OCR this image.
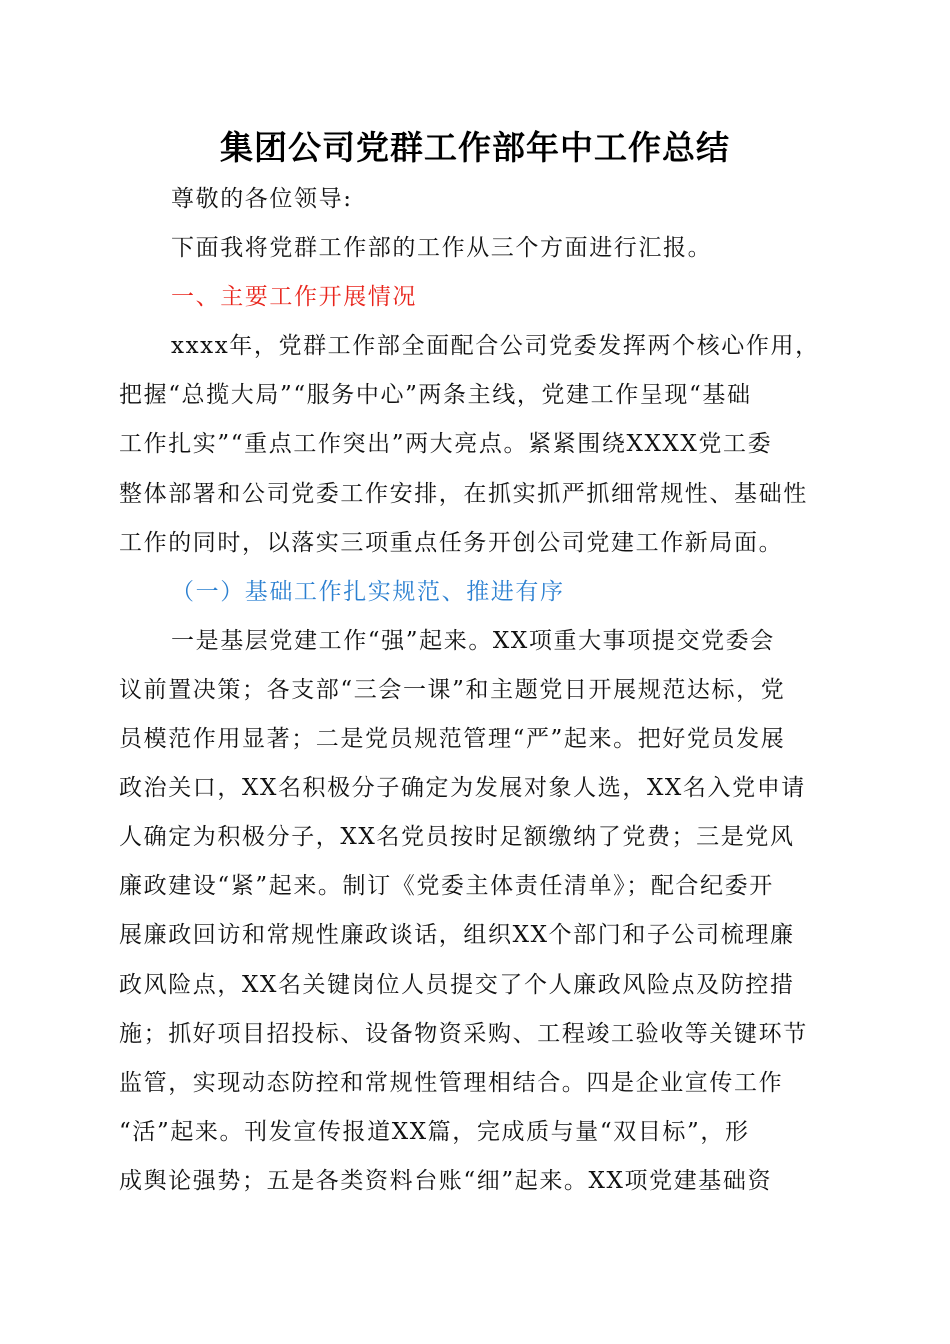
集团公司党群工作部年中工作总结
尊敬的各位领导:
下面我将党群工作部的工作从三个方面进行汇报。
一、主要工作开展情况
xxxx年，党群工作部全面配合公司党委发挥两个核心作用，
把握“总揽大局”“服务中心”两条主线，党建工作呈现“基础
工作扎实”“重点工作突出”两大亮点。紧紧围绕XXXX党工委
整体部署和公司党委工作安排，在抓实抓严抓细常规性、基础性
工作的同时，以落实三项重点任务开创公司党建工作新局面。
（一）基础工作扎实规范、推进有序
一是基层党建工作“强”起来。XX项重大事项提交党委会
议前置决策；各支部“三会一课”和主题党日开展规范达标，党
员模范作用显著；二是党员规范管理“严”起来。把好党员发展
政治关口，XX名积极分子确定为发展对象人选，XX名入党申请
人确定为积极分子，XX名党员按时足额缴纳了党费；三是党风
廉政建设“紧”起来。制订《党委主体责任清单》；配合纪委开
展廉政回访和常规性廉政谈话，组织XX个部门和子公司梳理廉
政风险点，XX名关键岗位人员提交了个人廉政风险点及防控措
施；抓好项目招投标、设备物资采购、工程竣工验收等关键环节
监管，实现动态防控和常规性管理相结合。四是企业宣传工作
“活”起来。刊发宣传报道XX篇，完成质与量“双目标”，形
成舆论强势；五是各类资料台账“细”起来。XX项党建基础资
